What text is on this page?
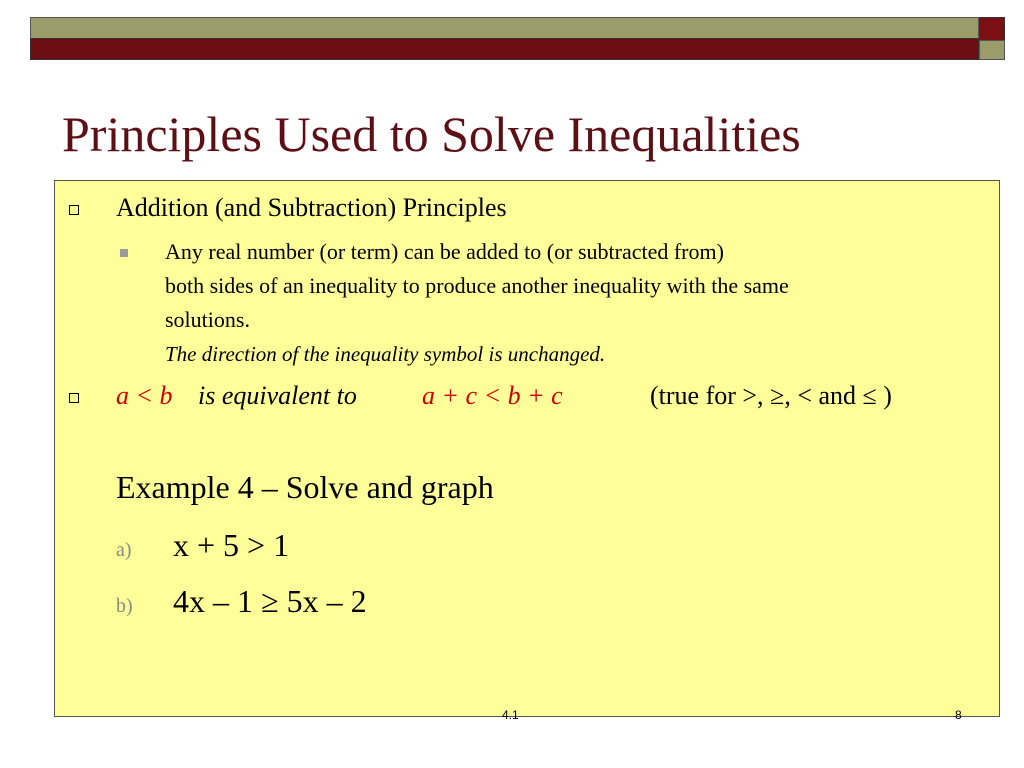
Principles Used to Solve Inequalities
Addition (and Subtraction) Principles
Any real number (or term) can be added to (or subtracted from)
both sides of an inequality to produce another inequality with the same
solutions.
The direction of the inequality symbol is unchanged.
a < b is equivalent to	a + c < b + c	(true for >, ≥, < and ≤ )
Example 4 – Solve and graph
a) x + 5 > 1
b) 4x – 1 ≥ 5x – 2
4.1	8
